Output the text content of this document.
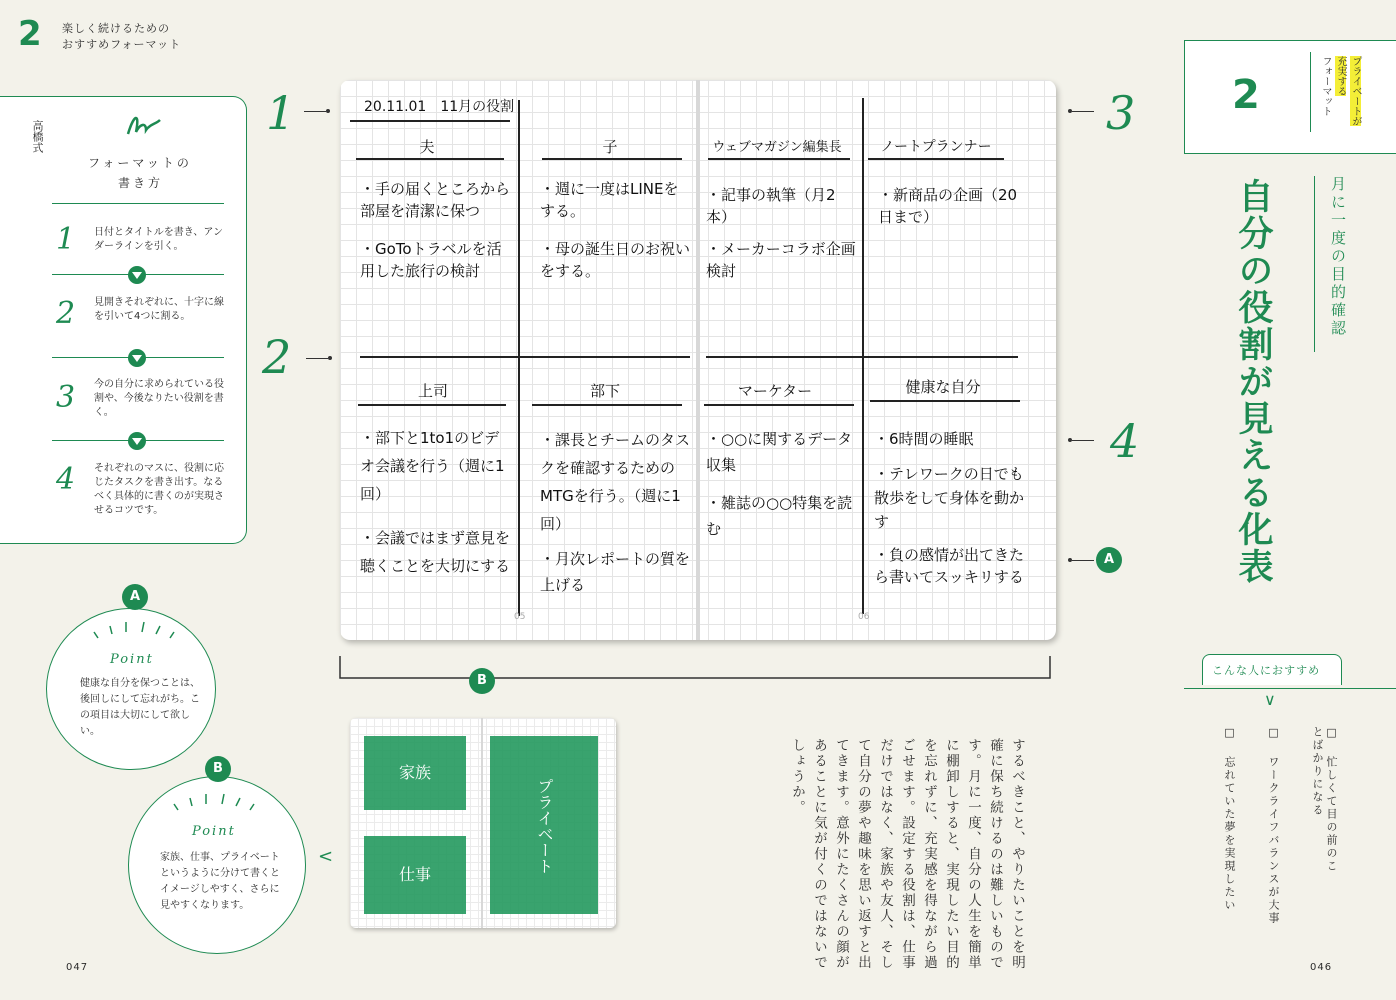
2 楽しく続けるための
おすすめフォーマット
高橋式
フォーマットの
書き方
1 日付とタイトルを書き、アンダーラインを引く。
2 見開きそれぞれに、十字に線を引いて4つに割る。
3 今の自分に求められている役割や、今後なりたい役割を書く。
4 それぞれのマスに、役割に応じたタスクを書き出す。なるべく具体的に書くのが実現させるコツです。
A
Point
健康な自分を保つことは、後回しにして忘れがち。この項目は大切にして欲しい。
B
Point
家族、仕事、プライベートというように分けて書くとイメージしやすく、さらに見やすくなります。
20.11.01　11月の役割
夫	子	ウェブマガジン編集長	ノートプランナー
・手の届くところから部屋を清潔に保つ
・GoToトラベルを活用した旅行の検討
・週に一度はLINEをする。
・母の誕生日のお祝いをする。
・記事の執筆（月2本）
・メーカーコラボ企画検討
・新商品の企画（20日まで）
上司	部下	マーケター	健康な自分
・部下と1to1のビデオ会議を行う（週に1回）
・会議ではまず意見を聴くことを大切にする
・課長とチームのタスクを確認するためのMTGを行う。（週に1回）
・月次レポートの質を上げる
・○○に関するデータ収集
・雑誌の○○特集を読む
・6時間の睡眠
・テレワークの日でも散歩をして身体を動かす
・負の感情が出てきたら書いてスッキリする
05	06
1
2
3
4
A
B
家族
プライベート
仕事
<
2	プライベートが
充実する
フォーマット
自分の役割が見える化表	月に一度の目的確認
こんな人におすすめ
∨
□ 忙しくて目の前のことばかりになる
□ ワークライフバランスが大事
□ 忘れていた夢を実現したい
するべきこと、やりたいことを明確に保ち続けるのは難しいものです。月に一度、自分の人生を簡単に棚卸しすると、実現したい目的を忘れずに、充実感を得ながら過ごせます。設定する役割は、仕事だけではなく、家族や友人、そして自分の夢や趣味を思い返すと出てきます。意外にたくさんの顔があることに気が付くのではないでしょうか。
047	046
